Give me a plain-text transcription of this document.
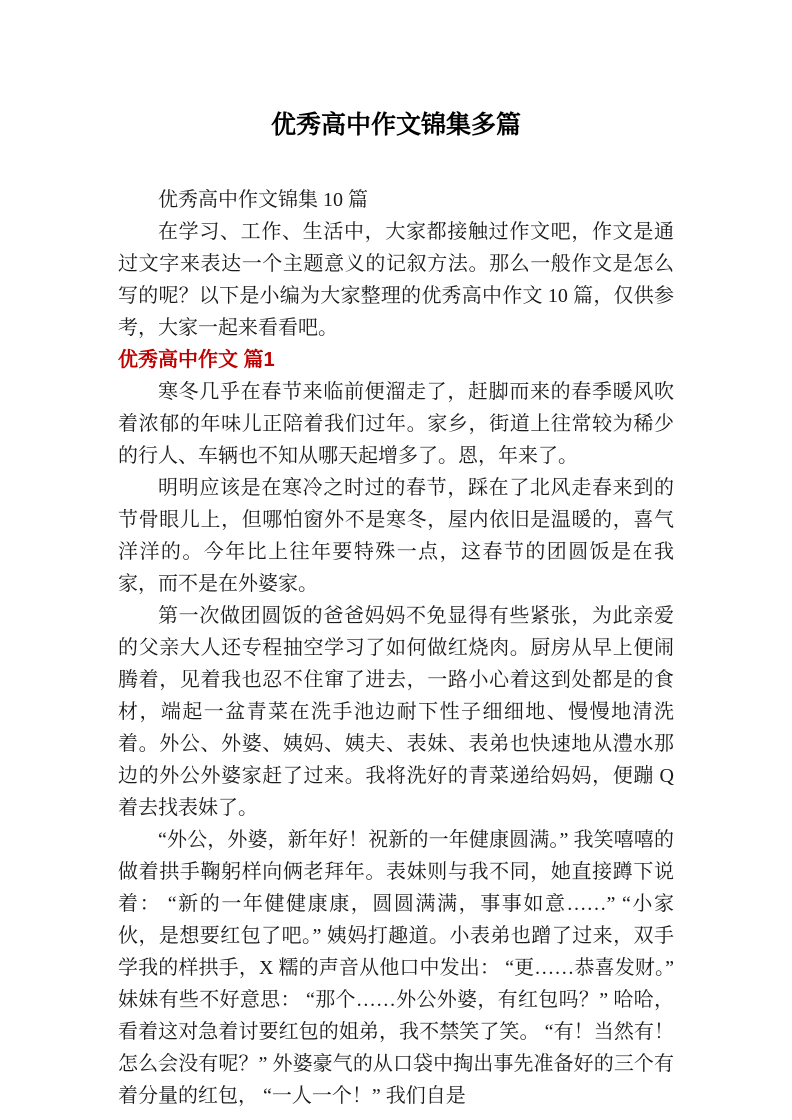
优秀高中作文锦集多篇

优秀高中作文锦集 10 篇

在学习、工作、生活中，大家都接触过作文吧，作文是通过文字来表达一个主题意义的记叙方法。那么一般作文是怎么写的呢？以下是小编为大家整理的优秀高中作文 10 篇，仅供参考，大家一起来看看吧。

优秀高中作文 篇1

寒冬几乎在春节来临前便溜走了，赶脚而来的春季暖风吹着浓郁的年味儿正陪着我们过年。家乡，街道上往常较为稀少的行人、车辆也不知从哪天起增多了。恩，年来了。

明明应该是在寒冷之时过的春节，踩在了北风走春来到的节骨眼儿上，但哪怕窗外不是寒冬，屋内依旧是温暖的，喜气洋洋的。今年比上往年要特殊一点，这春节的团圆饭是在我家，而不是在外婆家。

第一次做团圆饭的爸爸妈妈不免显得有些紧张，为此亲爱的父亲大人还专程抽空学习了如何做红烧肉。厨房从早上便闹腾着，见着我也忍不住窜了进去，一路小心着这到处都是的食材，端起一盆青菜在洗手池边耐下性子细细地、慢慢地清洗着。外公、外婆、姨妈、姨夫、表妹、表弟也快速地从澧水那边的外公外婆家赶了过来。我将洗好的青菜递给妈妈，便蹦 Q 着去找表妹了。

“外公，外婆，新年好！祝新的一年健康圆满。” 我笑嘻嘻的做着拱手鞠躬样向俩老拜年。表妹则与我不同，她直接蹲下说着： “新的一年健健康康，圆圆满满，事事如意……” “小家伙，是想要红包了吧。” 姨妈打趣道。小表弟也蹭了过来，双手学我的样拱手，X 糯的声音从他口中发出： “更……恭喜发财。” 妹妹有些不好意思： “那个……外公外婆，有红包吗？” 哈哈，看着这对急着讨要红包的姐弟，我不禁笑了笑。 “有！当然有！怎么会没有呢？” 外婆豪气的从口袋中掏出事先准备好的三个有着分量的红包， “一人一个！” 我们自是
